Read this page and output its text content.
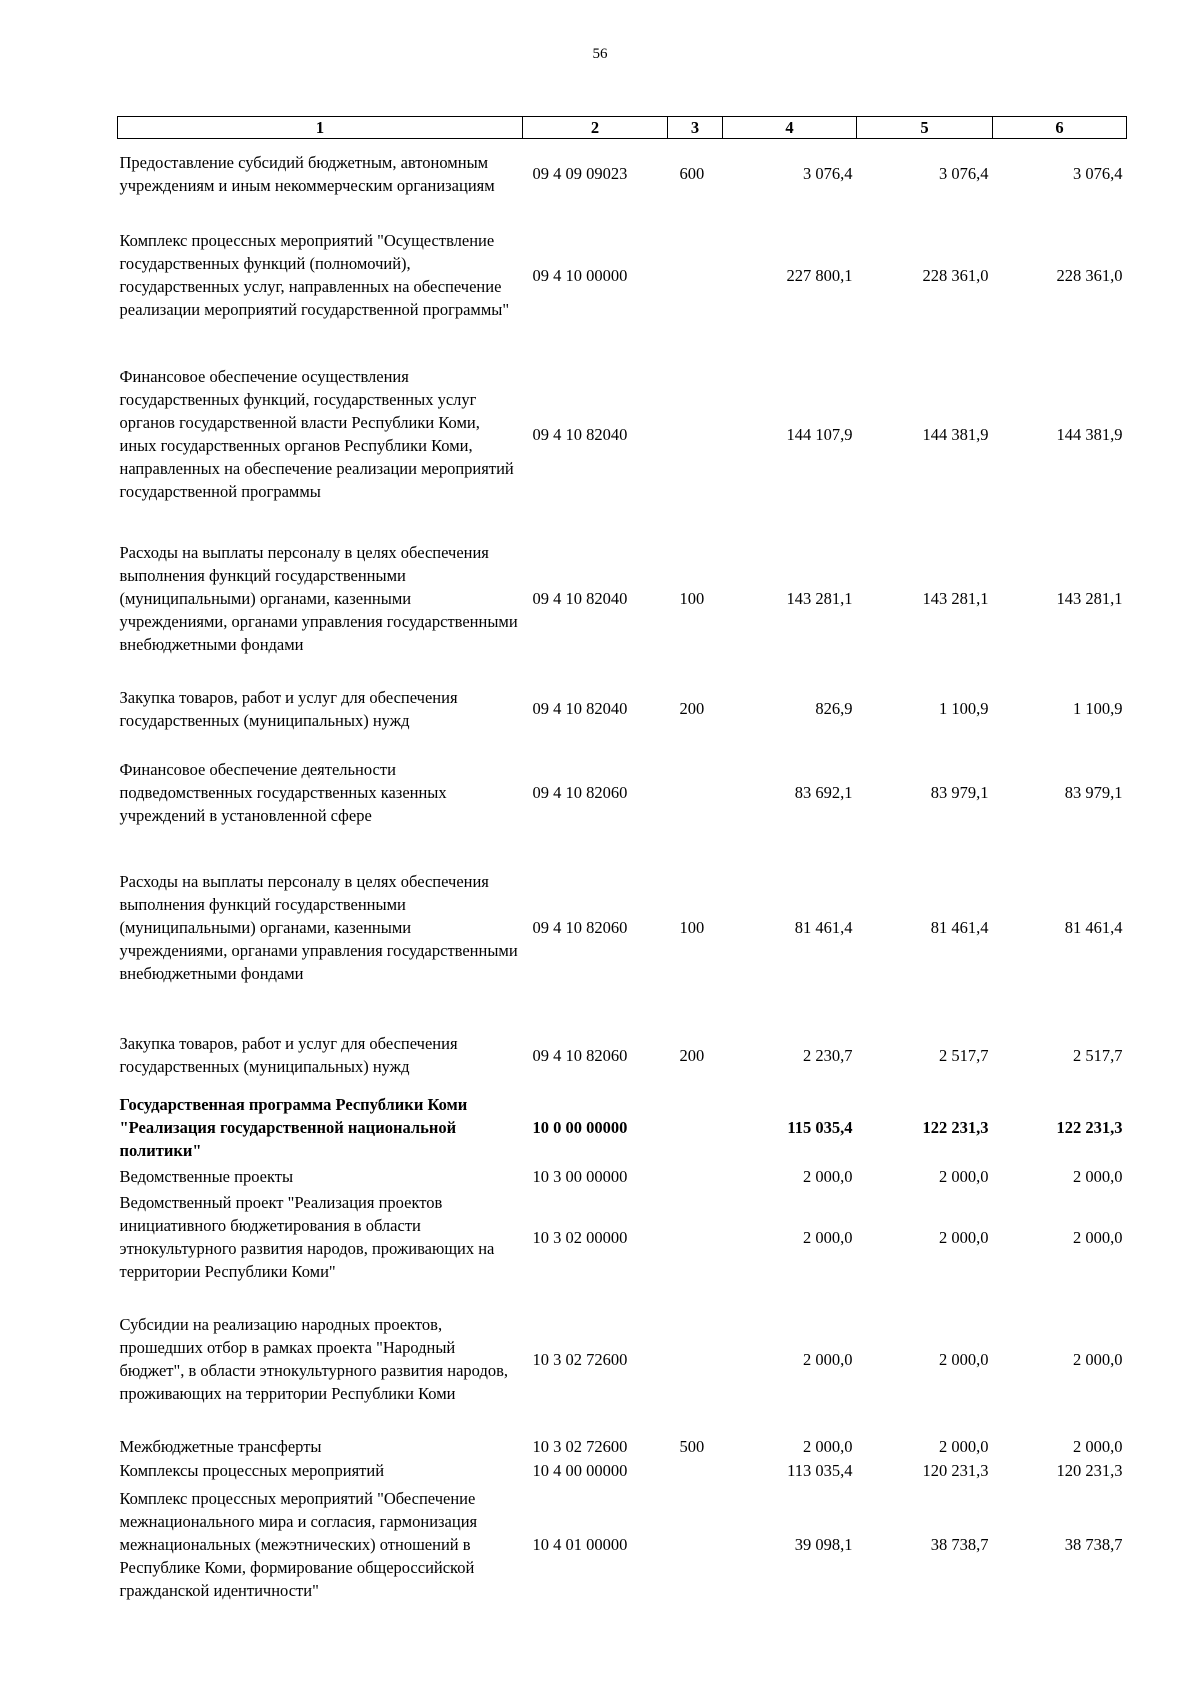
56
1	2	3	4	5	6
Предоставление субсидий бюджетным, автономным учреждениям и иным некоммерческим организациям	09 4 09 09023	600	3 076,4	3 076,4	3 076,4
Комплекс процессных мероприятий "Осуществление государственных функций (полномочий), государственных услуг, направленных на обеспечение реализации мероприятий государственной программы"	09 4 10 00000		227 800,1	228 361,0	228 361,0
Финансовое обеспечение осуществления государственных функций, государственных услуг органов государственной власти Республики Коми, иных государственных органов Республики Коми, направленных на обеспечение реализации мероприятий государственной программы	09 4 10 82040		144 107,9	144 381,9	144 381,9
Расходы на выплаты персоналу в целях обеспечения выполнения функций государственными (муниципальными) органами, казенными учреждениями, органами управления государственными внебюджетными фондами	09 4 10 82040	100	143 281,1	143 281,1	143 281,1
Закупка товаров, работ и услуг для обеспечения государственных (муниципальных) нужд	09 4 10 82040	200	826,9	1 100,9	1 100,9
Финансовое обеспечение деятельности подведомственных государственных казенных учреждений в установленной сфере	09 4 10 82060		83 692,1	83 979,1	83 979,1
Расходы на выплаты персоналу в целях обеспечения выполнения функций государственными (муниципальными) органами, казенными учреждениями, органами управления государственными внебюджетными фондами	09 4 10 82060	100	81 461,4	81 461,4	81 461,4
Закупка товаров, работ и услуг для обеспечения государственных (муниципальных) нужд	09 4 10 82060	200	2 230,7	2 517,7	2 517,7
Государственная программа Республики Коми "Реализация государственной национальной политики"	10 0 00 00000		115 035,4	122 231,3	122 231,3
Ведомственные проекты	10 3 00 00000		2 000,0	2 000,0	2 000,0
Ведомственный проект "Реализация проектов инициативного бюджетирования в области этнокультурного развития народов, проживающих на территории Республики Коми"	10 3 02 00000		2 000,0	2 000,0	2 000,0
Субсидии на реализацию народных проектов, прошедших отбор в рамках проекта "Народный бюджет", в области этнокультурного развития народов, проживающих на территории Республики Коми	10 3 02 72600		2 000,0	2 000,0	2 000,0
Межбюджетные трансферты	10 3 02 72600	500	2 000,0	2 000,0	2 000,0
Комплексы процессных мероприятий	10 4 00 00000		113 035,4	120 231,3	120 231,3
Комплекс процессных мероприятий "Обеспечение межнационального мира и согласия, гармонизация межнациональных (межэтнических) отношений в Республике Коми, формирование общероссийской гражданской идентичности"	10 4 01 00000		39 098,1	38 738,7	38 738,7
